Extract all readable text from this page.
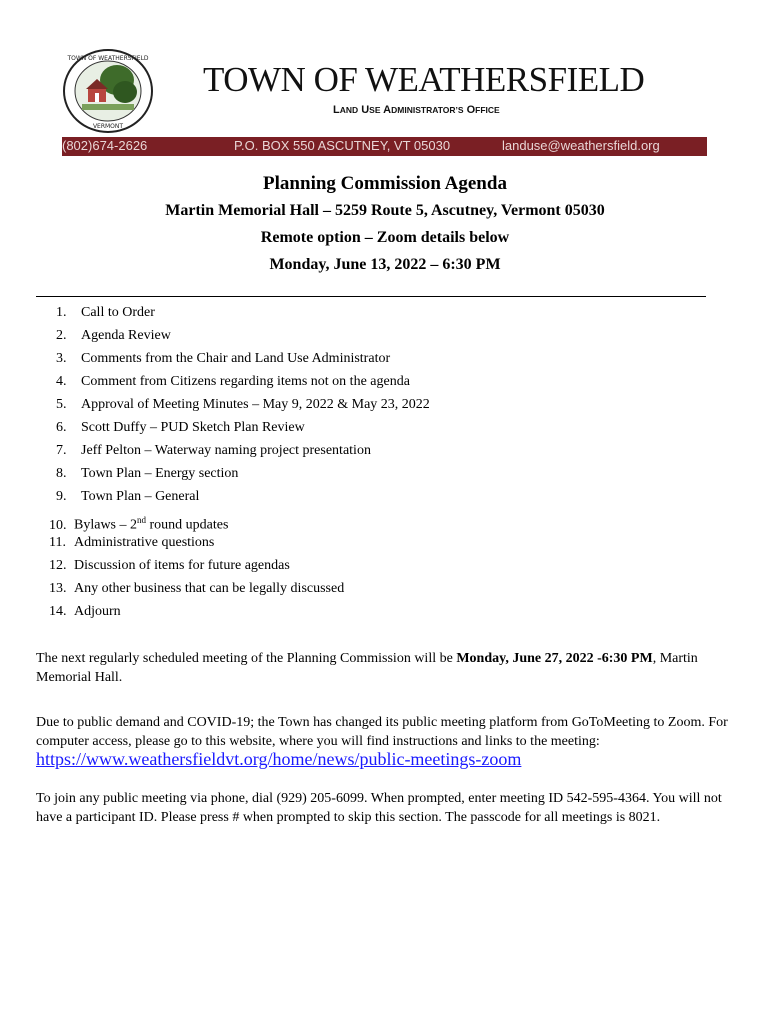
TOWN OF WEATHERSFIELD
VERMONT
TOWN OF WEATHERSFIELD
LAND USE ADMINISTRATOR’S OFFICE
(802)674-2626	P.O. BOX 550 ASCUTNEY, VT 05030	landuse@weathersfield.org
Planning Commission Agenda
Martin Memorial Hall – 5259 Route 5, Ascutney, Vermont 05030
Remote option – Zoom details below
Monday, June 13, 2022 – 6:30 PM
1. Call to Order
2. Agenda Review
3. Comments from the Chair and Land Use Administrator
4. Comment from Citizens regarding items not on the agenda
5. Approval of Meeting Minutes – May 9, 2022 & May 23, 2022
6. Scott Duffy – PUD Sketch Plan Review
7. Jeff Pelton – Waterway naming project presentation
8. Town Plan – Energy section
9. Town Plan – General
10. Bylaws – 2nd round updates
11. Administrative questions
12. Discussion of items for future agendas
13. Any other business that can be legally discussed
14. Adjourn
The next regularly scheduled meeting of the Planning Commission will be Monday, June 27, 2022 -6:30 PM, Martin Memorial Hall.
Due to public demand and COVID-19; the Town has changed its public meeting platform from GoToMeeting to Zoom. For computer access, please go to this website, where you will find instructions and links to the meeting:
https://www.weathersfieldvt.org/home/news/public-meetings-zoom
To join any public meeting via phone, dial (929) 205-6099. When prompted, enter meeting ID 542-595-4364. You will not have a participant ID. Please press # when prompted to skip this section. The passcode for all meetings is 8021.
